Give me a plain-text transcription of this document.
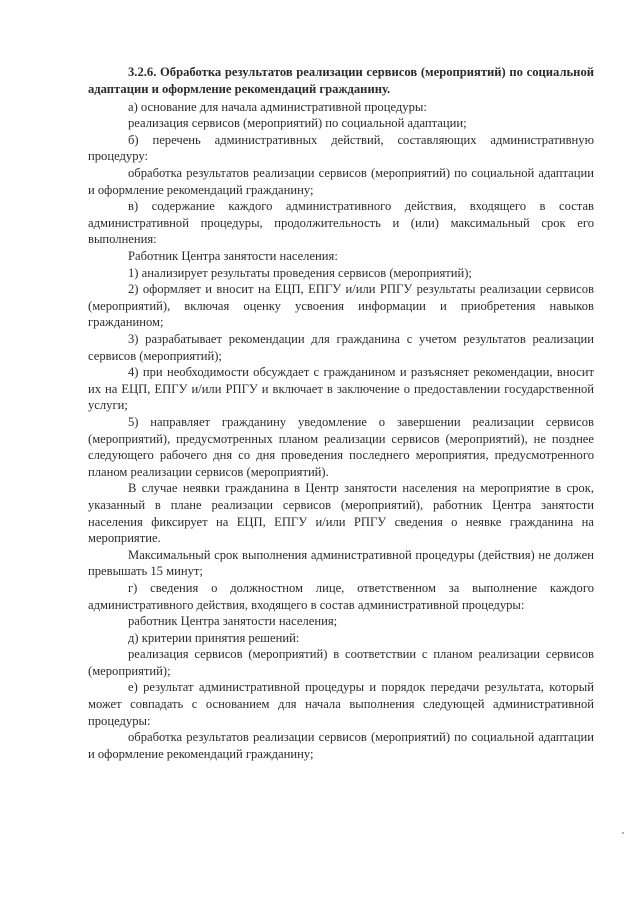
3.2.6. Обработка результатов реализации сервисов (мероприятий) по социальной адаптации и оформление рекомендаций гражданину.

а) основание для начала административной процедуры:

реализация сервисов (мероприятий) по социальной адаптации;

б) перечень административных действий, составляющих административную процедуру:

обработка результатов реализации сервисов (мероприятий) по социальной адаптации и оформление рекомендаций гражданину;

в) содержание каждого административного действия, входящего в состав административной процедуры, продолжительность и (или) максимальный срок его выполнения:

Работник Центра занятости населения:

1) анализирует результаты проведения сервисов (мероприятий);

2) оформляет и вносит на ЕЦП, ЕПГУ и/или РПГУ результаты реализации сервисов (мероприятий), включая оценку усвоения информации и приобретения навыков гражданином;

3) разрабатывает рекомендации для гражданина с учетом результатов реализации сервисов (мероприятий);

4) при необходимости обсуждает с гражданином и разъясняет рекомендации, вносит их на ЕЦП, ЕПГУ и/или РПГУ и включает в заключение о предоставлении государственной услуги;

5) направляет гражданину уведомление о завершении реализации сервисов (мероприятий), предусмотренных планом реализации сервисов (мероприятий), не позднее следующего рабочего дня со дня проведения последнего мероприятия, предусмотренного планом реализации сервисов (мероприятий).

В случае неявки гражданина в Центр занятости населения на мероприятие в срок, указанный в плане реализации сервисов (мероприятий), работник Центра занятости населения фиксирует на ЕЦП, ЕПГУ и/или РПГУ сведения о неявке гражданина на мероприятие.

Максимальный срок выполнения административной процедуры (действия) не должен превышать 15 минут;

г) сведения о должностном лице, ответственном за выполнение каждого административного действия, входящего в состав административной процедуры:

работник Центра занятости населения;

д) критерии принятия решений:

реализация сервисов (мероприятий) в соответствии с планом реализации сервисов (мероприятий);

е) результат административной процедуры и порядок передачи результата, который может совпадать с основанием для начала выполнения следующей административной процедуры:

обработка результатов реализации сервисов (мероприятий) по социальной адаптации и оформление рекомендаций гражданину;
